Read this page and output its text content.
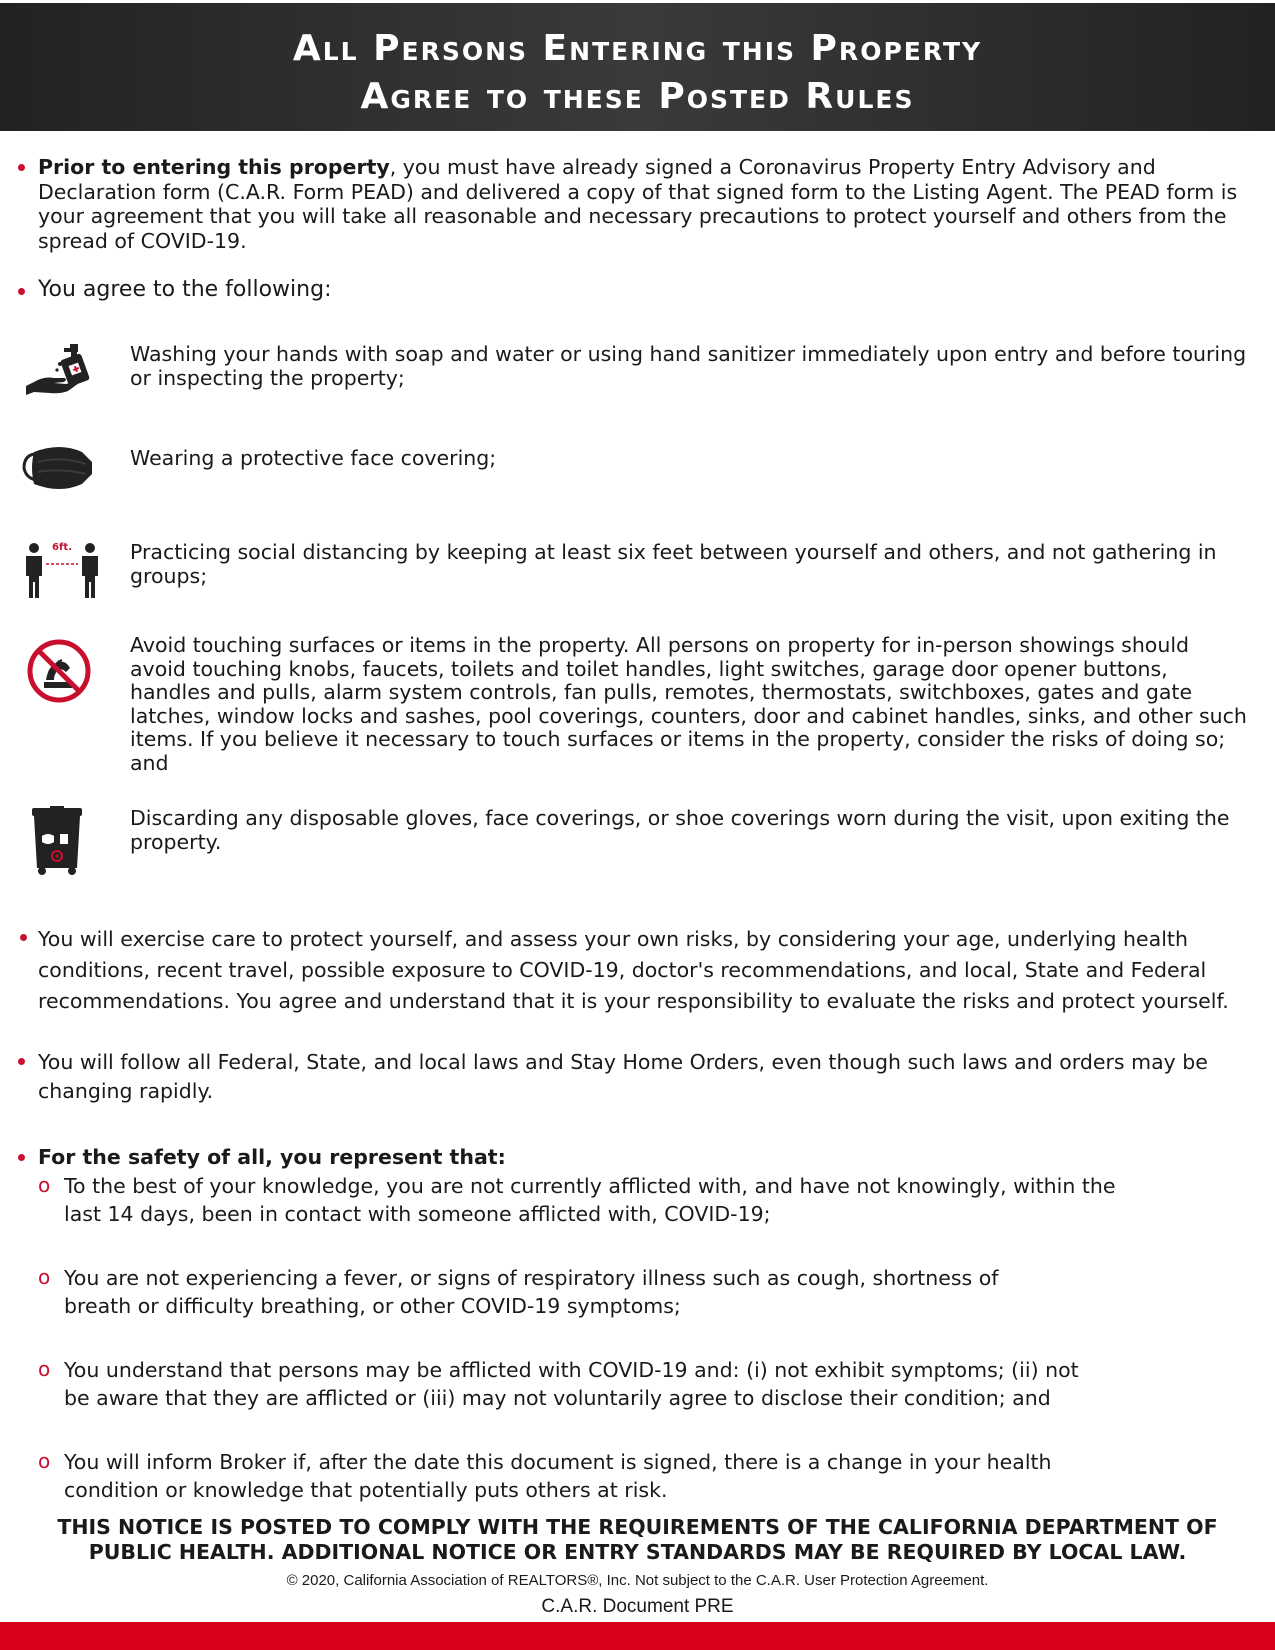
All Persons Entering this Property
Agree to these Posted Rules

Prior to entering this property, you must have already signed a Coronavirus Property Entry Advisory and Declaration form (C.A.R. Form PEAD) and delivered a copy of that signed form to the Listing Agent. The PEAD form is your agreement that you will take all reasonable and necessary precautions to protect yourself and others from the spread of COVID-19.

You agree to the following:

Washing your hands with soap and water or using hand sanitizer immediately upon entry and before touring or inspecting the property;
Wearing a protective face covering;
6ft.	Practicing social distancing by keeping at least six feet between yourself and others, and not gathering in groups;
Avoid touching surfaces or items in the property. All persons on property for in-person showings should avoid touching knobs, faucets, toilets and toilet handles, light switches, garage door opener buttons, handles and pulls, alarm system controls, fan pulls, remotes, thermostats, switchboxes, gates and gate latches, window locks and sashes, pool coverings, counters, door and cabinet handles, sinks, and other such items. If you believe it necessary to touch surfaces or items in the property, consider the risks of doing so; and
Discarding any disposable gloves, face coverings, or shoe coverings worn during the visit, upon exiting the property.

You will exercise care to protect yourself, and assess your own risks, by considering your age, underlying health conditions, recent travel, possible exposure to COVID-19, doctor's recommendations, and local, State and Federal recommendations. You agree and understand that it is your responsibility to evaluate the risks and protect yourself.

You will follow all Federal, State, and local laws and Stay Home Orders, even though such laws and orders may be changing rapidly.

For the safety of all, you represent that:

o To the best of your knowledge, you are not currently afflicted with, and have not knowingly, within the last 14 days, been in contact with someone afflicted with, COVID-19;
o You are not experiencing a fever, or signs of respiratory illness such as cough, shortness of breath or difficulty breathing, or other COVID-19 symptoms;
o You understand that persons may be afflicted with COVID-19 and: (i) not exhibit symptoms; (ii) not be aware that they are afflicted or (iii) may not voluntarily agree to disclose their condition; and
o You will inform Broker if, after the date this document is signed, there is a change in your health condition or knowledge that potentially puts others at risk.
THIS NOTICE IS POSTED TO COMPLY WITH THE REQUIREMENTS OF THE CALIFORNIA DEPARTMENT OF
PUBLIC HEALTH. ADDITIONAL NOTICE OR ENTRY STANDARDS MAY BE REQUIRED BY LOCAL LAW.
© 2020, California Association of REALTORS®, Inc. Not subject to the C.A.R. User Protection Agreement.
C.A.R. Document PRE
